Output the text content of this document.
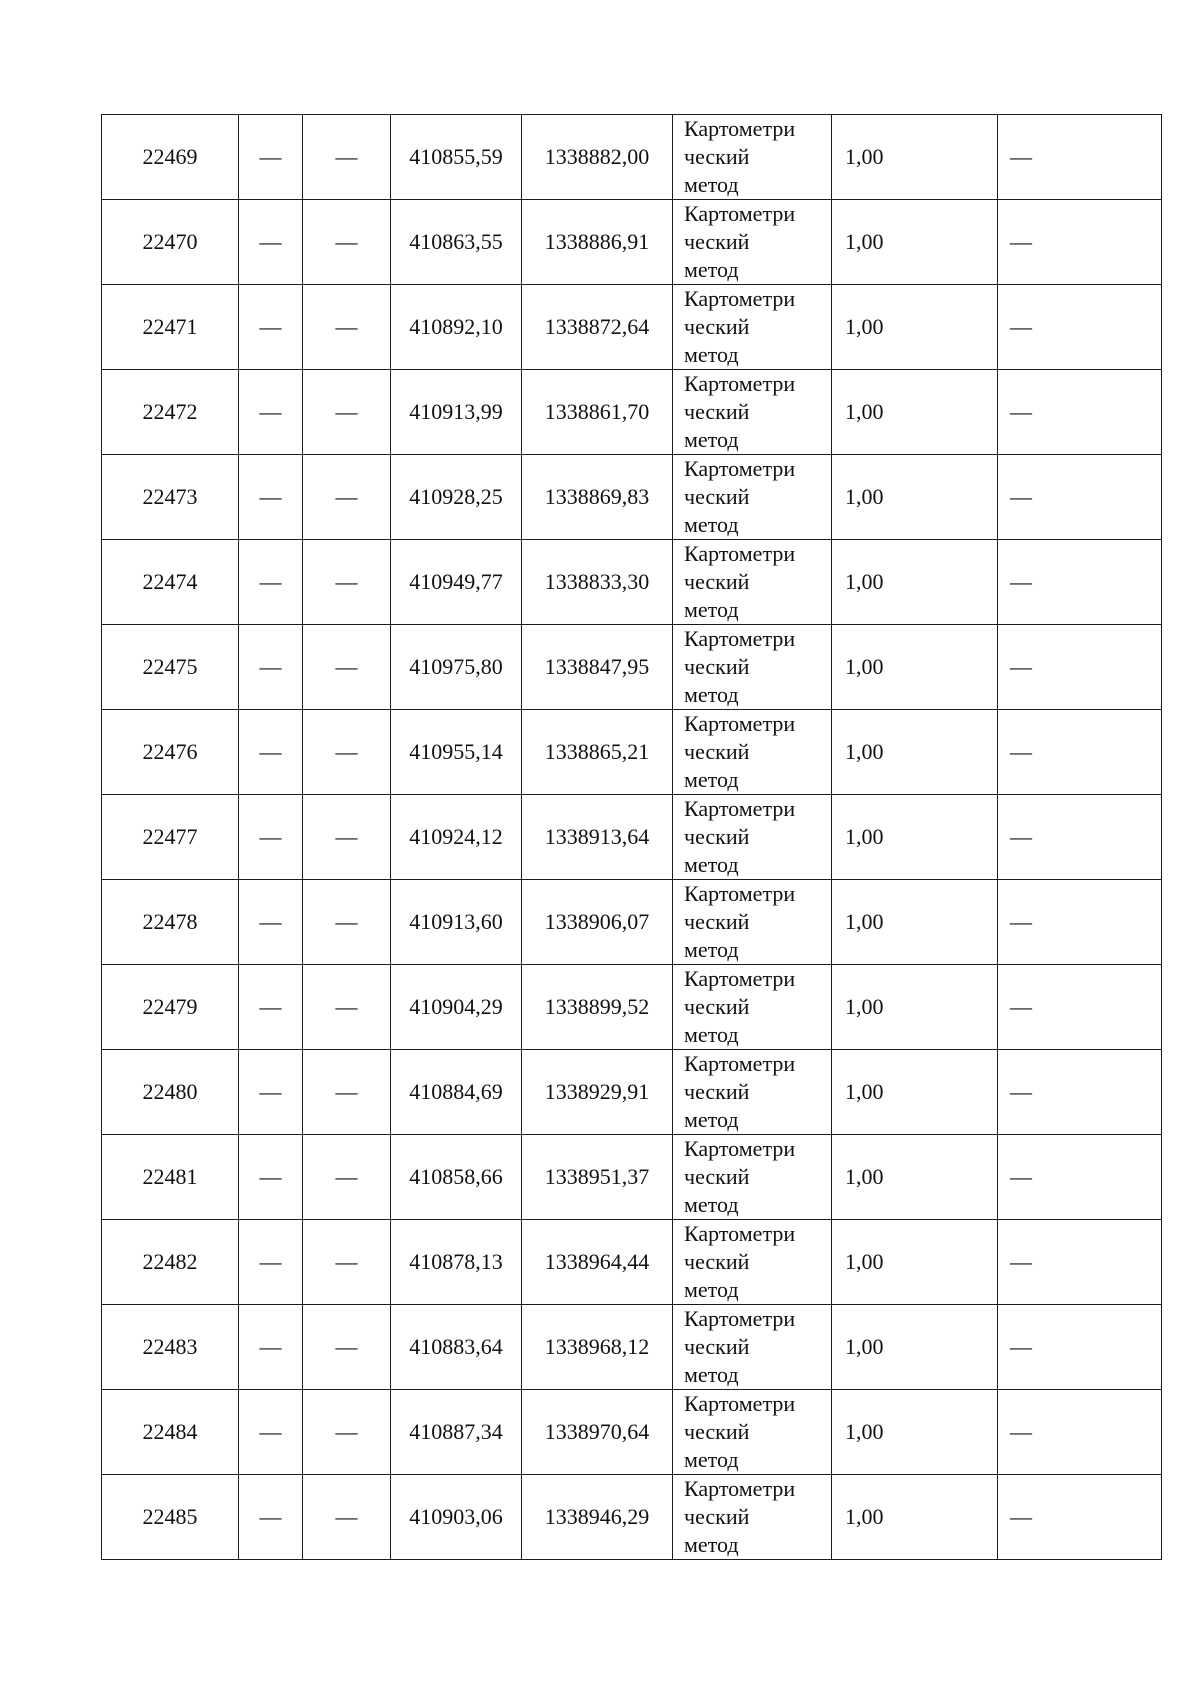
22469	—	—	410855,59	1338882,00	Картометри
ческий
метод	1,00	—
22470	—	—	410863,55	1338886,91	Картометри
ческий
метод	1,00	—
22471	—	—	410892,10	1338872,64	Картометри
ческий
метод	1,00	—
22472	—	—	410913,99	1338861,70	Картометри
ческий
метод	1,00	—
22473	—	—	410928,25	1338869,83	Картометри
ческий
метод	1,00	—
22474	—	—	410949,77	1338833,30	Картометри
ческий
метод	1,00	—
22475	—	—	410975,80	1338847,95	Картометри
ческий
метод	1,00	—
22476	—	—	410955,14	1338865,21	Картометри
ческий
метод	1,00	—
22477	—	—	410924,12	1338913,64	Картометри
ческий
метод	1,00	—
22478	—	—	410913,60	1338906,07	Картометри
ческий
метод	1,00	—
22479	—	—	410904,29	1338899,52	Картометри
ческий
метод	1,00	—
22480	—	—	410884,69	1338929,91	Картометри
ческий
метод	1,00	—
22481	—	—	410858,66	1338951,37	Картометри
ческий
метод	1,00	—
22482	—	—	410878,13	1338964,44	Картометри
ческий
метод	1,00	—
22483	—	—	410883,64	1338968,12	Картометри
ческий
метод	1,00	—
22484	—	—	410887,34	1338970,64	Картометри
ческий
метод	1,00	—
22485	—	—	410903,06	1338946,29	Картометри
ческий
метод	1,00	—
